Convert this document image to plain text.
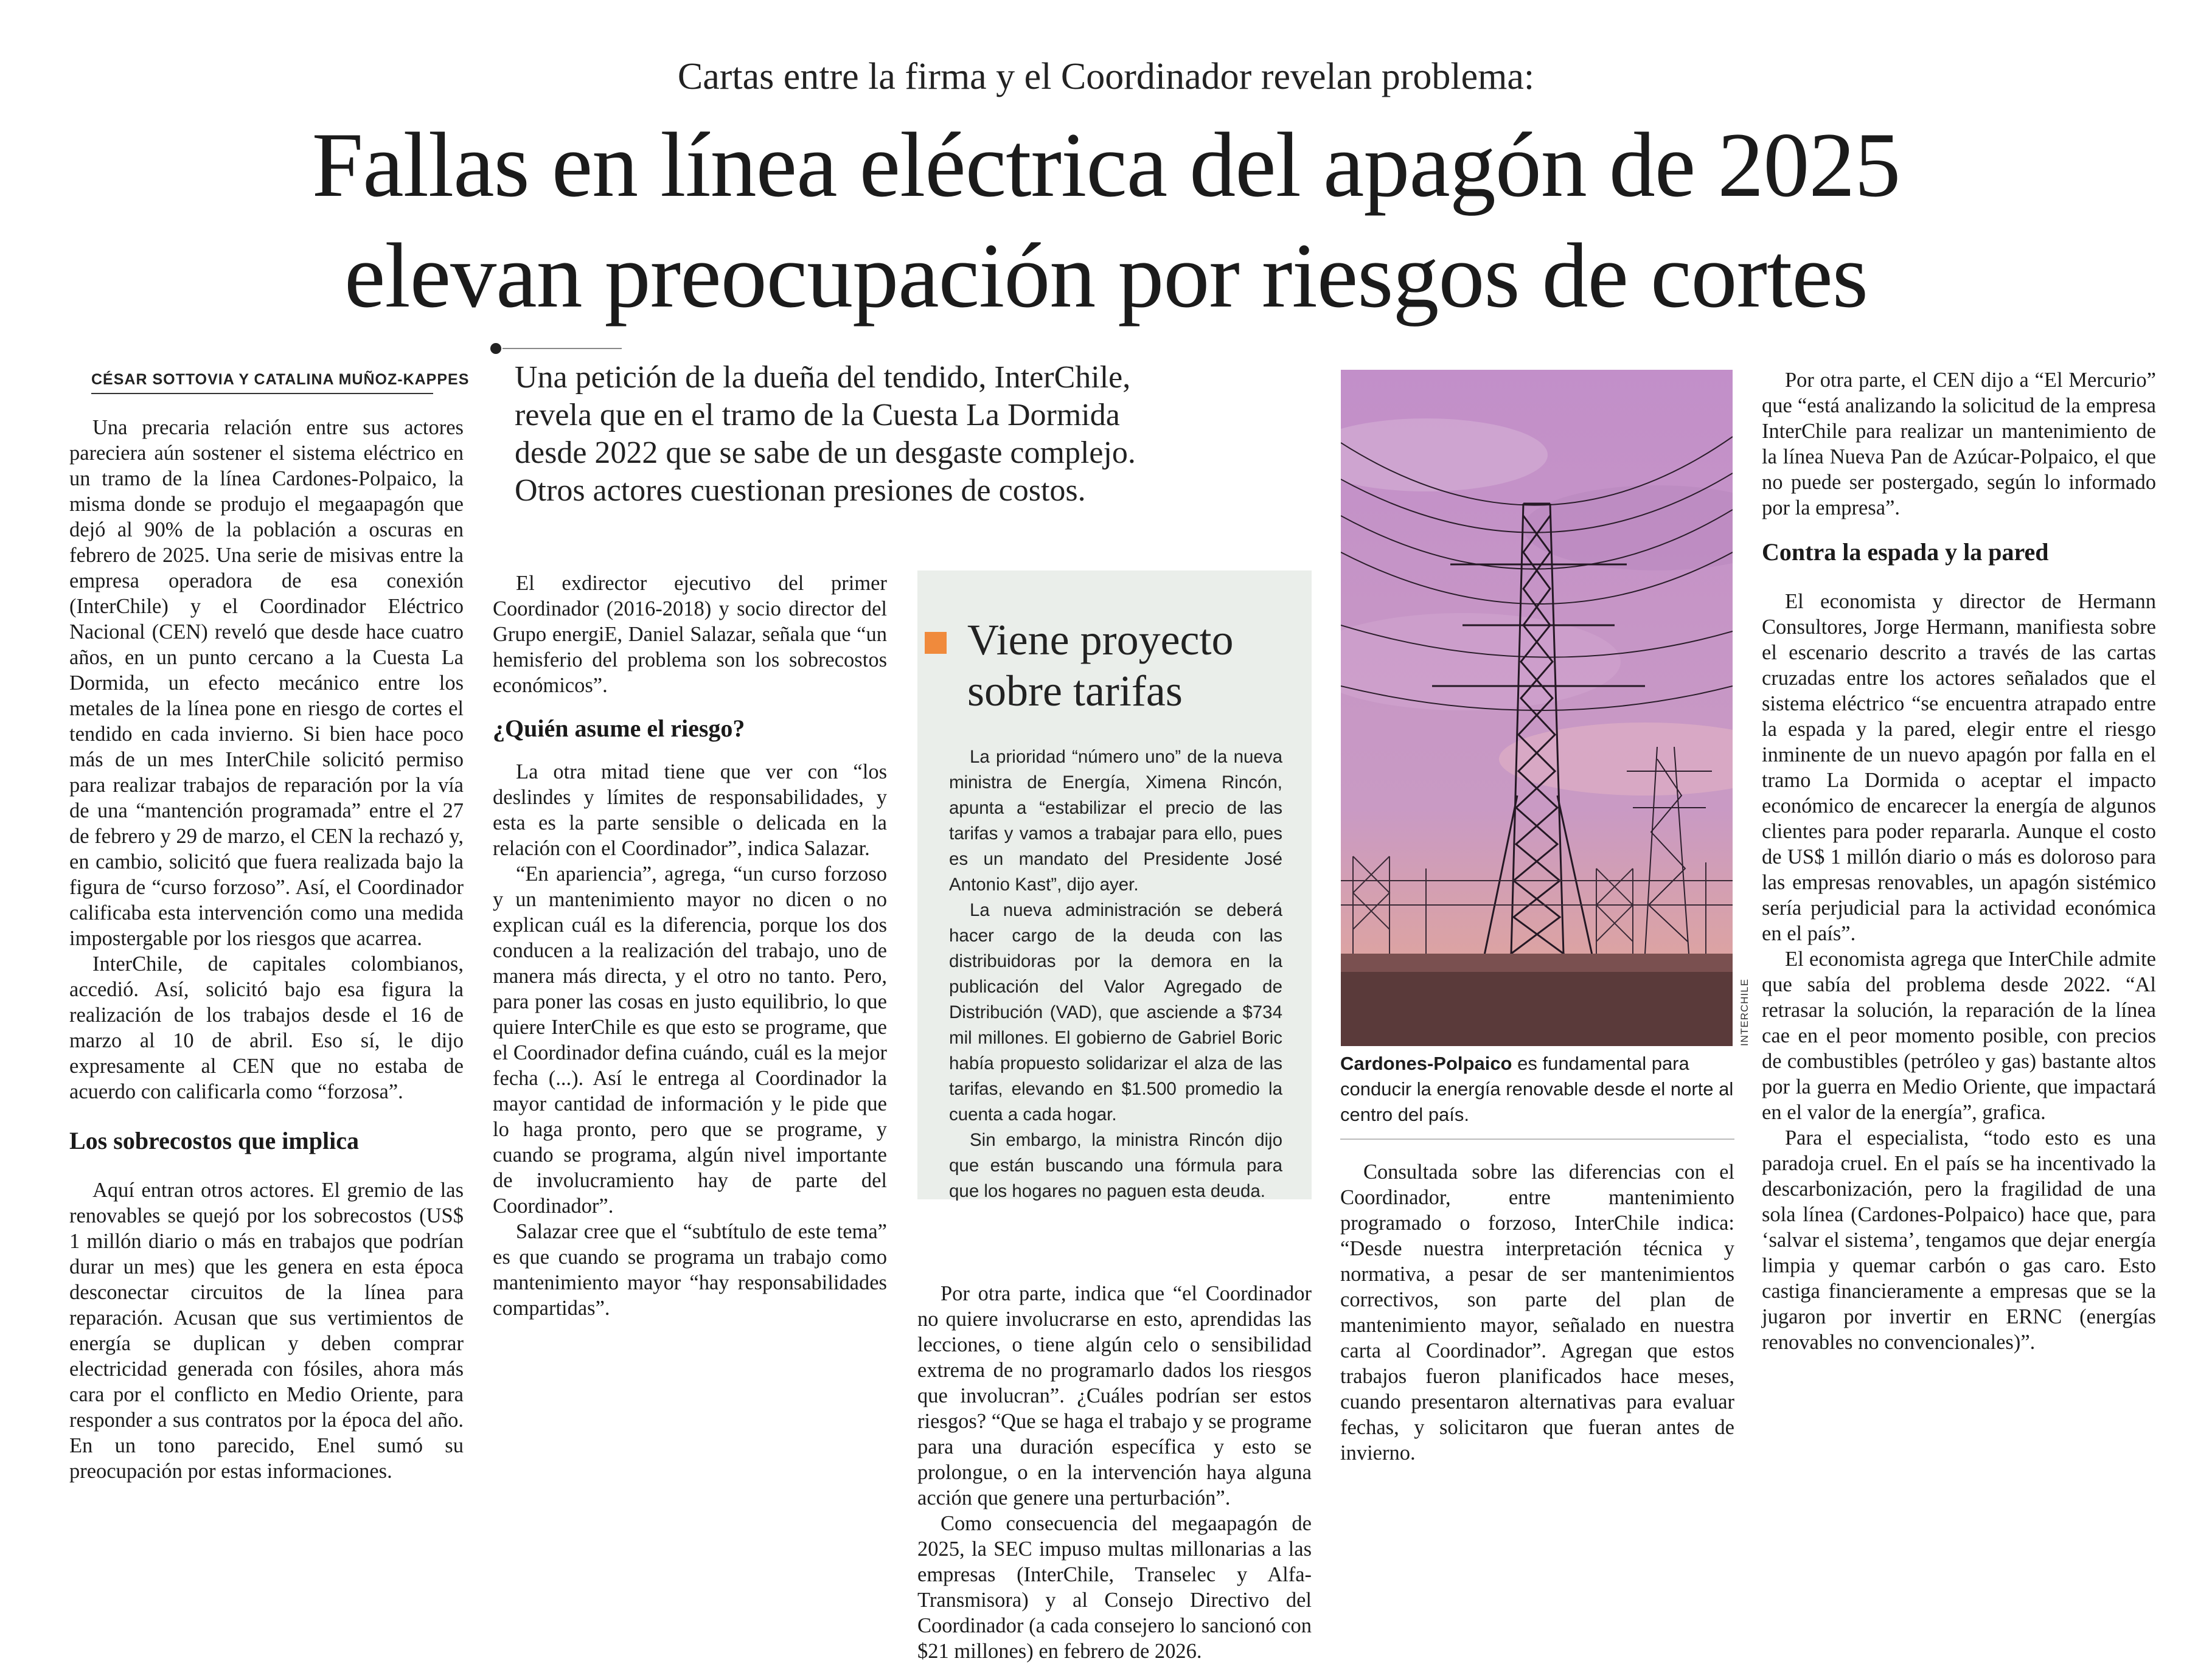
Cartas entre la firma y el Coordinador revelan problema:
Fallas en línea eléctrica del apagón de 2025
elevan preocupación por riesgos de cortes
CÉSAR SOTTOVIA Y CATALINA MUÑOZ-KAPPES Una petición de la dueña del tendido, InterChile,
revela que en el tramo de la Cuesta La Dormida
desde 2022 que se sabe de un desgaste complejo.
Otros actores cuestionan presiones de costos.

Una precaria relación entre sus actores pareciera aún sostener el sistema eléctrico en un tramo de la línea Cardones-Polpaico, la misma donde se produjo el megaapagón que dejó al 90% de la población a oscuras en febrero de 2025. Una serie de misivas entre la empresa operadora de esa conexión (InterChile) y el Coordinador Eléctrico Nacional (CEN) reveló que desde hace cuatro años, en un punto cercano a la Cuesta La Dormida, un efecto mecánico entre los metales de la línea pone en riesgo de cortes el tendido en cada invierno. Si bien hace poco más de un mes InterChile solicitó permiso para realizar trabajos de reparación por la vía de una “mantención programada” entre el 27 de febrero y 29 de marzo, el CEN la rechazó y, en cambio, solicitó que fuera realizada bajo la figura de “curso forzoso”. Así, el Coordinador calificaba esta intervención como una medida impostergable por los riesgos que acarrea.

InterChile, de capitales colombianos, accedió. Así, solicitó bajo esa figura la realización de los trabajos desde el 16 de marzo al 10 de abril. Eso sí, le dijo expresamente al CEN que no estaba de acuerdo con calificarla como “forzosa”.

Los sobrecostos que implica

Aquí entran otros actores. El gremio de las renovables se quejó por los sobrecostos (US$ 1 millón diario o más en trabajos que podrían durar un mes) que les genera en esta época desconectar circuitos de la línea para reparación. Acusan que sus vertimientos de energía se duplican y deben comprar electricidad generada con fósiles, ahora más cara por el conflicto en Medio Oriente, para responder a sus contratos por la época del año. En un tono parecido, Enel sumó su preocupación por estas informaciones.

El exdirector ejecutivo del primer Coordinador (2016-2018) y socio director del Grupo energiE, Daniel Salazar, señala que “un hemisferio del problema son los sobrecostos económicos”.

¿Quién asume el riesgo?

La otra mitad tiene que ver con “los deslindes y límites de responsabilidades, y esta es la parte sensible o delicada en la relación con el Coordinador”, indica Salazar.

“En apariencia”, agrega, “un curso forzoso y un mantenimiento mayor no dicen o no explican cuál es la diferencia, porque los dos conducen a la realización del trabajo, uno de manera más directa, y el otro no tanto. Pero, para poner las cosas en justo equilibrio, lo que quiere InterChile es que esto se programe, que el Coordinador defina cuándo, cuál es la mejor fecha (...). Así le entrega al Coordinador la mayor cantidad de información y le pide que lo haga pronto, pero que se programe, y cuando se programa, algún nivel importante de involucramiento hay de parte del Coordinador”.

Salazar cree que el “subtítulo de este tema” es que cuando se programa un trabajo como mantenimiento mayor “hay responsabilidades compartidas”.

Viene proyecto
sobre tarifas

La prioridad “número uno” de la nueva ministra de Energía, Ximena Rincón, apunta a “estabilizar el precio de las tarifas y vamos a trabajar para ello, pues es un mandato del Presidente José Antonio Kast”, dijo ayer.

La nueva administración se deberá hacer cargo de la deuda con las distribuidoras por la demora en la publicación del Valor Agregado de Distribución (VAD), que asciende a $734 mil millones. El gobierno de Gabriel Boric había propuesto solidarizar el alza de las tarifas, elevando en $1.500 promedio la cuenta a cada hogar.

Sin embargo, la ministra Rincón dijo que están buscando una fórmula para que los hogares no paguen esta deuda.

Por otra parte, indica que “el Coordinador no quiere involucrarse en esto, aprendidas las lecciones, o tiene algún celo o sensibilidad extrema de no programarlo dados los riesgos que involucran”. ¿Cuáles podrían ser estos riesgos? “Que se haga el trabajo y se programe para una duración específica y esto se prolongue, o en la intervención haya alguna acción que genere una perturbación”.

Como consecuencia del megaapagón de 2025, la SEC impuso multas millonarias a las empresas (InterChile, Transelec y Alfa-Transmisora) y al Consejo Directivo del Coordinador (a cada consejero lo sancionó con $21 millones) en febrero de 2026.

INTERCHILE
Cardones-Polpaico es fundamental para conducir la energía renovable desde el norte al centro del país.

Consultada sobre las diferencias con el Coordinador, entre mantenimiento programado o forzoso, InterChile indica: “Desde nuestra interpretación técnica y normativa, a pesar de ser mantenimientos correctivos, son parte del plan de mantenimiento mayor, señalado en nuestra carta al Coordinador”. Agregan que estos trabajos fueron planificados hace meses, cuando presentaron alternativas para evaluar fechas, y solicitaron que fueran antes de invierno.

Por otra parte, el CEN dijo a “El Mercurio” que “está analizando la solicitud de la empresa InterChile para realizar un mantenimiento de la línea Nueva Pan de Azúcar-Polpaico, el que no puede ser postergado, según lo informado por la empresa”.

Contra la espada y la pared

El economista y director de Hermann Consultores, Jorge Hermann, manifiesta sobre el escenario descrito a través de las cartas cruzadas entre los actores señalados que el sistema eléctrico “se encuentra atrapado entre la espada y la pared, elegir entre el riesgo inminente de un nuevo apagón por falla en el tramo La Dormida o aceptar el impacto económico de encarecer la energía de algunos clientes para poder repararla. Aunque el costo de US$ 1 millón diario o más es doloroso para las empresas renovables, un apagón sistémico sería perjudicial para la actividad económica en el país”.

El economista agrega que InterChile admite que sabía del problema desde 2022. “Al retrasar la solución, la reparación de la línea cae en el peor momento posible, con precios de combustibles (petróleo y gas) bastante altos por la guerra en Medio Oriente, que impactará en el valor de la energía”, grafica.

Para el especialista, “todo esto es una paradoja cruel. En el país se ha incentivado la descarbonización, pero la fragilidad de una sola línea (Cardones-Polpaico) hace que, para ‘salvar el sistema’, tengamos que dejar energía limpia y quemar carbón o gas caro. Esto castiga financieramente a empresas que se la jugaron por invertir en ERNC (energías renovables no convencionales)”.
